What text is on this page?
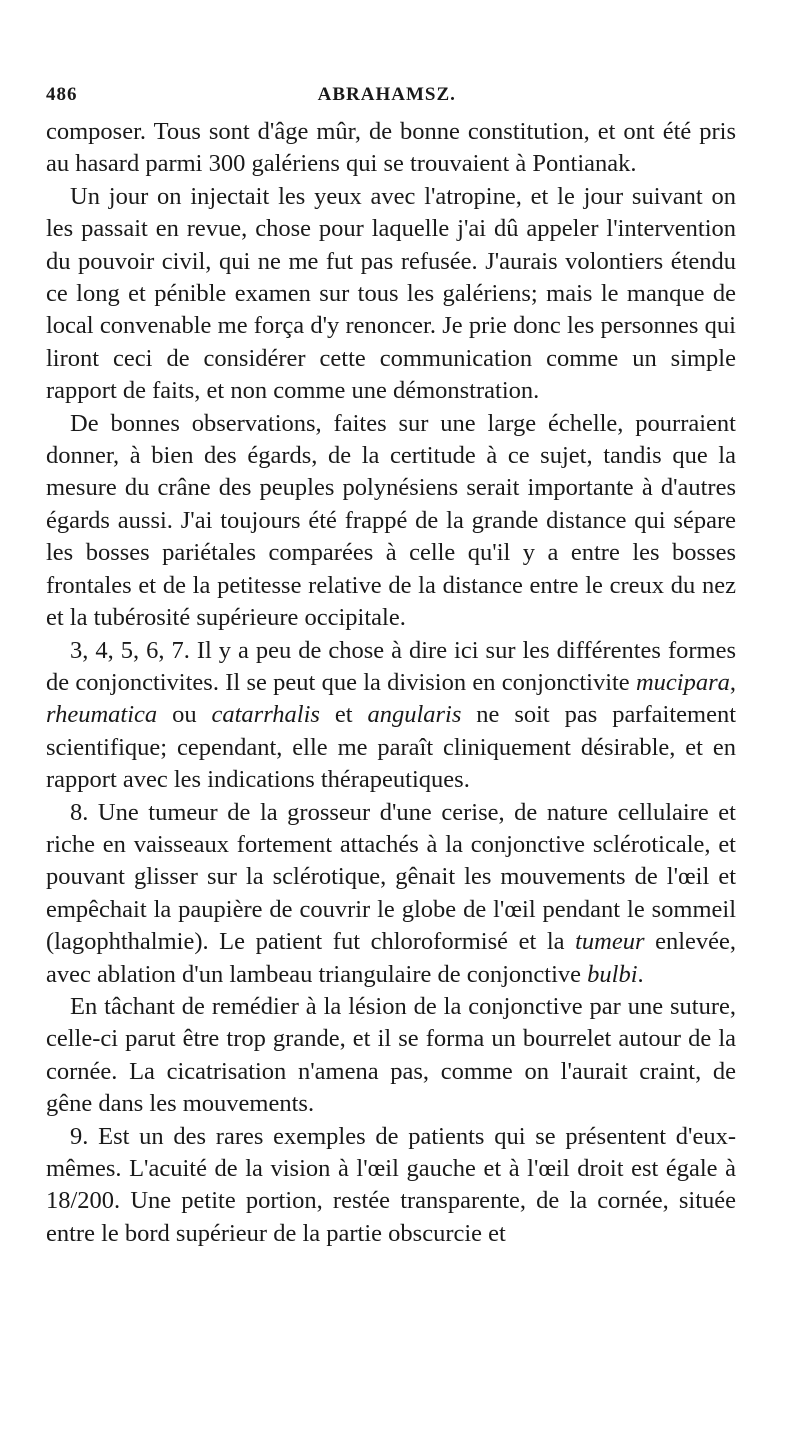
486	ABRAHAMSZ.

composer. Tous sont d'âge mûr, de bonne constitution, et ont été pris au hasard parmi 300 galériens qui se trouvaient à Pontianak.

Un jour on injectait les yeux avec l'atropine, et le jour suivant on les passait en revue, chose pour laquelle j'ai dû appeler l'intervention du pouvoir civil, qui ne me fut pas refusée. J'aurais volontiers étendu ce long et pénible examen sur tous les galériens; mais le manque de local convenable me força d'y renoncer. Je prie donc les personnes qui liront ceci de considérer cette communication comme un simple rapport de faits, et non comme une démonstration.

De bonnes observations, faites sur une large échelle, pourraient donner, à bien des égards, de la certitude à ce sujet, tandis que la mesure du crâne des peuples polynésiens serait importante à d'autres égards aussi. J'ai toujours été frappé de la grande distance qui sépare les bosses pariétales comparées à celle qu'il y a entre les bosses frontales et de la petitesse relative de la distance entre le creux du nez et la tubérosité supérieure occipitale.

3, 4, 5, 6, 7. Il y a peu de chose à dire ici sur les différentes formes de conjonctivites. Il se peut que la division en conjonctivite mucipara, rheumatica ou catarrhalis et angularis ne soit pas parfaitement scientifique; cependant, elle me paraît cliniquement désirable, et en rapport avec les indications thérapeutiques.

8. Une tumeur de la grosseur d'une cerise, de nature cellulaire et riche en vaisseaux fortement attachés à la conjonctive scléroticale, et pouvant glisser sur la sclérotique, gênait les mouvements de l'œil et empêchait la paupière de couvrir le globe de l'œil pendant le sommeil (lagophthalmie). Le patient fut chloroformisé et la tumeur enlevée, avec ablation d'un lambeau triangulaire de conjonctive bulbi.

En tâchant de remédier à la lésion de la conjonctive par une suture, celle-ci parut être trop grande, et il se forma un bourrelet autour de la cornée. La cicatrisation n'amena pas, comme on l'aurait craint, de gêne dans les mouvements.

9. Est un des rares exemples de patients qui se présentent d'eux-mêmes. L'acuité de la vision à l'œil gauche et à l'œil droit est égale à 18/200. Une petite portion, restée transparente, de la cornée, située entre le bord supérieur de la partie obscurcie et
